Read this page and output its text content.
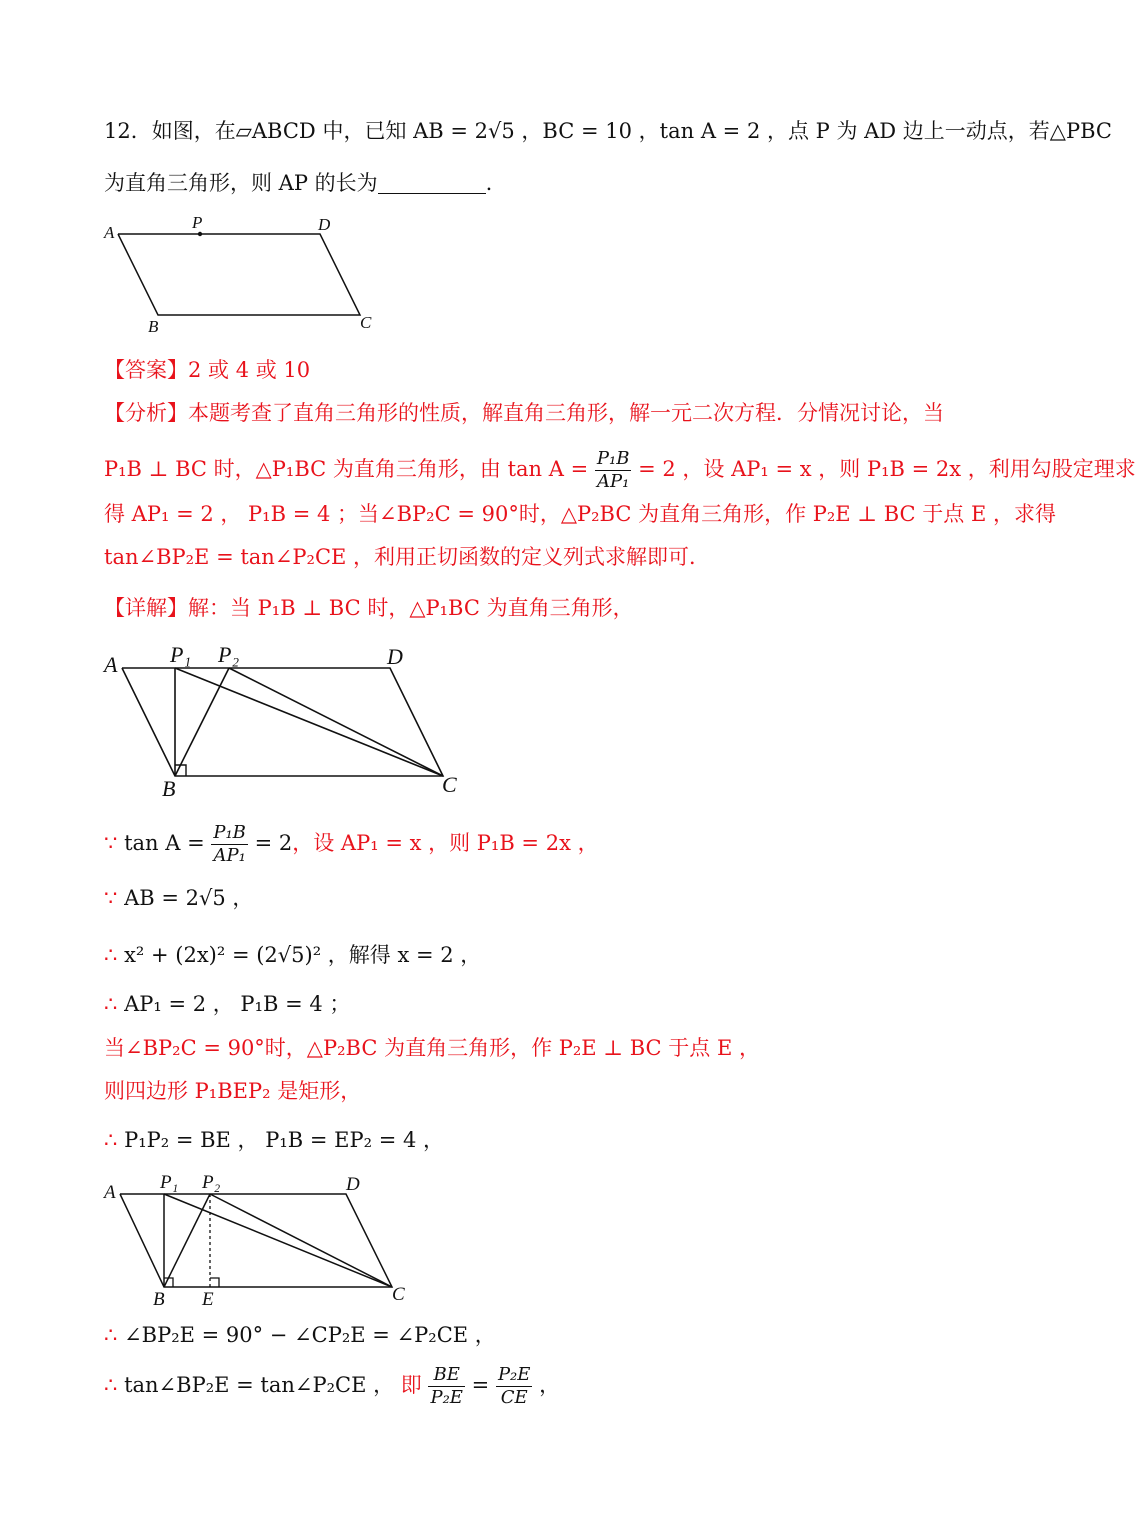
12．如图，在▱ABCD 中，已知 AB = 2√5 ，BC = 10 ，tan A = 2 ，点 P 为 AD 边上一动点，若△PBC
为直角三角形，则 AP 的长为	.
A
P	D
B	C
【答案】2 或 4 或 10
【分析】本题考查了直角三角形的性质，解直角三角形，解一元二次方程．分情况讨论，当
P₁B ⊥ BC 时，△P₁BC 为直角三角形，由 $\tan A = \frac{\text{P₁B}}{\text{AP₁}} = 2$ ，设 AP₁ = x ，则 P₁B = 2x ，利用勾股定理求
得 AP₁ = 2 ， P₁B = 4 ；当∠BP₂C = 90°时，△P₂BC 为直角三角形，作 P₂E ⊥ BC 于点 E ，求得
tan∠BP₂E = tan∠P₂CE ，利用正切函数的定义列式求解即可．
【详解】解：当 P₁B ⊥ BC 时，△P₁BC 为直角三角形，
A P₁ P₂	D
B	C
∵ $\tan A = \frac{\text{P₁B}}{\text{AP₁}} = 2$，设 AP₁ = x ，则 P₁B = 2x ，
∵ AB = 2√5 ，
∴ x² + (2x)² = (2√5)² ，解得 x = 2 ，
∴ AP₁ = 2 ， P₁B = 4 ；
当∠BP₂C = 90°时，△P₂BC 为直角三角形，作 P₂E ⊥ BC 于点 E ，
则四边形 P₁BEP₂ 是矩形，
∴ P₁P₂ = BE ， P₁B = EP₂ = 4 ，
A P₁ P₂	D
B E	C
∴ ∠BP₂E = 90° − ∠CP₂E = ∠P₂CE ，
∴ tan∠BP₂E = tan∠P₂CE ， 即 $\frac{BE}{\text{P₂E}} = \frac{\text{P₂E}}{CE}$ ，
